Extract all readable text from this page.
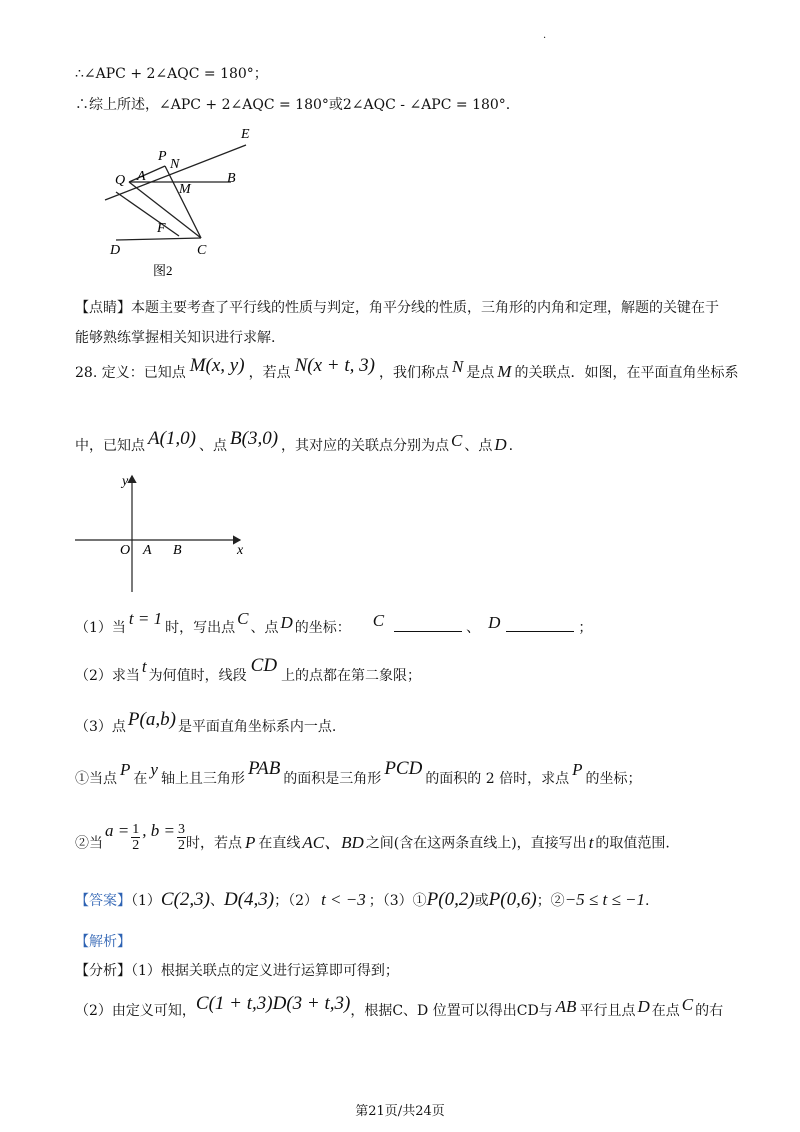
.
∴∠APC + 2∠AQC = 180°；
∴综上所述，∠APC + 2∠AQC = 180°或2∠AQC - ∠APC = 180°.
E
P
N
Q A
M
B
F
D	C
图2
【点睛】本题主要考查了平行线的性质与判定，角平分线的性质，三角形的内角和定理，解题的关键在于
能够熟练掌握相关知识进行求解.
28. 定义：已知点 M(x, y) ，若点 N(x + t, 3) ，我们称点 N 是点 M 的关联点．如图，在平面直角坐标系
中，已知点 A(1,0) 、点 B(3,0) ，其对应的关联点分别为点 C 、点 D .
y
x
O A B
（1）当 t = 1 时，写出点 C 、点 D 的坐标： C	、 D	；
（2）求当 t 为何值时，线段 CD 上的点都在第二象限；
（3）点 P(a,b) 是平面直角坐标系内一点.
①当点 P 在 y 轴上且三角形 PAB 的面积是三角形 PCD 的面积的 2 倍时，求点 P 的坐标；
②当$a = \frac{1}{2}$ , $b = \frac{3}{2}$ 时，若点 P 在直线 AC、BD 之间(含在这两条直线上)，直接写出 t 的取值范围.
【答案】（1）C(2,3)、D(4,3)；（2） t < −3 ；（3）①P(0,2)或P(0,6)；②−5 ≤ t ≤ −1.
【解析】
【分析】（1）根据关联点的定义进行运算即可得到；
（2）由定义可知，C(1 + t,3)D(3 + t,3)，根据C、D 位置可以得出CD与 AB 平行且点 D 在点 C 的右
第21页/共24页
